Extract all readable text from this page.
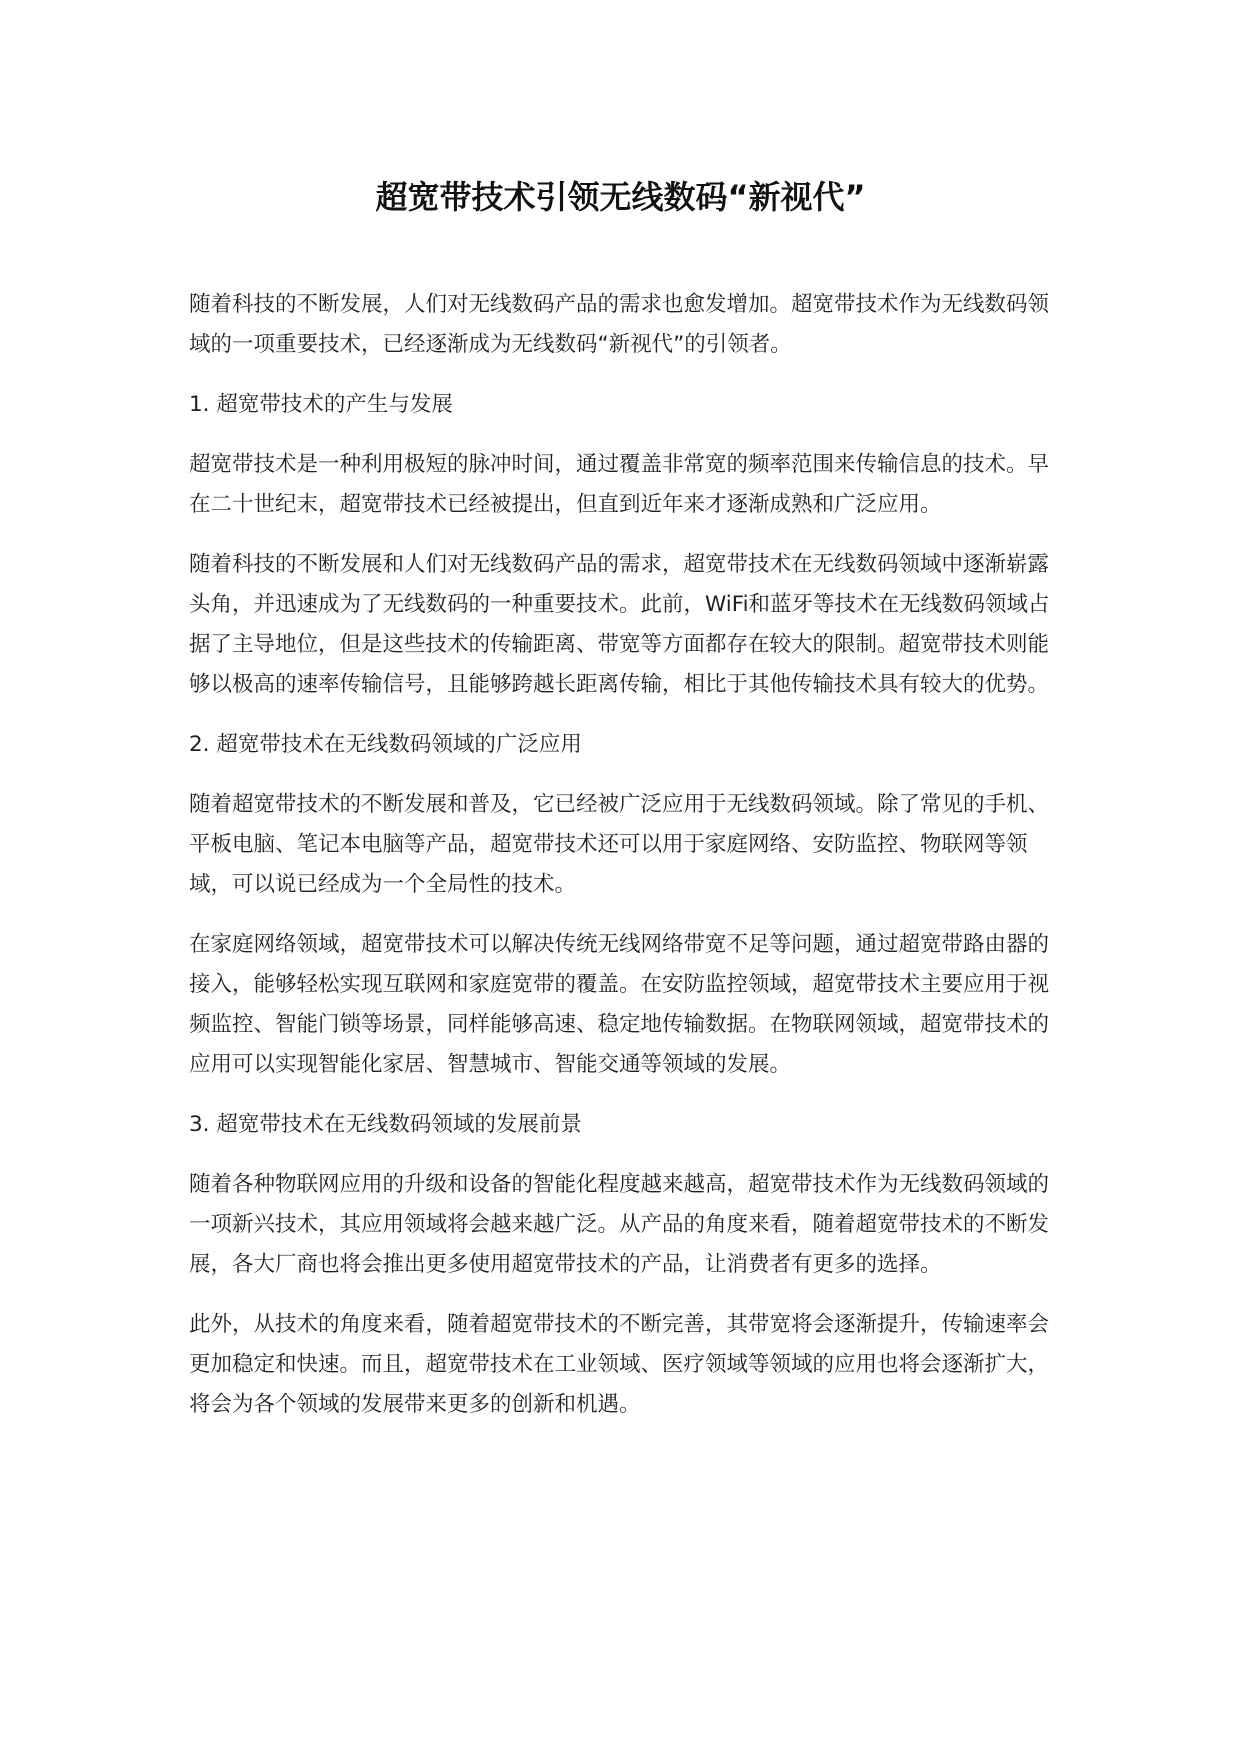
超宽带技术引领无线数码“新视代”

随着科技的不断发展，人们对无线数码产品的需求也愈发增加。超宽带技术作为无线数码领域的一项重要技术，已经逐渐成为无线数码“新视代”的引领者。

1. 超宽带技术的产生与发展

超宽带技术是一种利用极短的脉冲时间，通过覆盖非常宽的频率范围来传输信息的技术。早在二十世纪末，超宽带技术已经被提出，但直到近年来才逐渐成熟和广泛应用。

随着科技的不断发展和人们对无线数码产品的需求，超宽带技术在无线数码领域中逐渐崭露头角，并迅速成为了无线数码的一种重要技术。此前，WiFi和蓝牙等技术在无线数码领域占据了主导地位，但是这些技术的传输距离、带宽等方面都存在较大的限制。超宽带技术则能够以极高的速率传输信号，且能够跨越长距离传输，相比于其他传输技术具有较大的优势。

2. 超宽带技术在无线数码领域的广泛应用

随着超宽带技术的不断发展和普及，它已经被广泛应用于无线数码领域。除了常见的手机、平板电脑、笔记本电脑等产品，超宽带技术还可以用于家庭网络、安防监控、物联网等领域，可以说已经成为一个全局性的技术。

在家庭网络领域，超宽带技术可以解决传统无线网络带宽不足等问题，通过超宽带路由器的接入，能够轻松实现互联网和家庭宽带的覆盖。在安防监控领域，超宽带技术主要应用于视频监控、智能门锁等场景，同样能够高速、稳定地传输数据。在物联网领域，超宽带技术的应用可以实现智能化家居、智慧城市、智能交通等领域的发展。

3. 超宽带技术在无线数码领域的发展前景

随着各种物联网应用的升级和设备的智能化程度越来越高，超宽带技术作为无线数码领域的一项新兴技术，其应用领域将会越来越广泛。从产品的角度来看，随着超宽带技术的不断发展，各大厂商也将会推出更多使用超宽带技术的产品，让消费者有更多的选择。

此外，从技术的角度来看，随着超宽带技术的不断完善，其带宽将会逐渐提升，传输速率会更加稳定和快速。而且，超宽带技术在工业领域、医疗领域等领域的应用也将会逐渐扩大，将会为各个领域的发展带来更多的创新和机遇。
